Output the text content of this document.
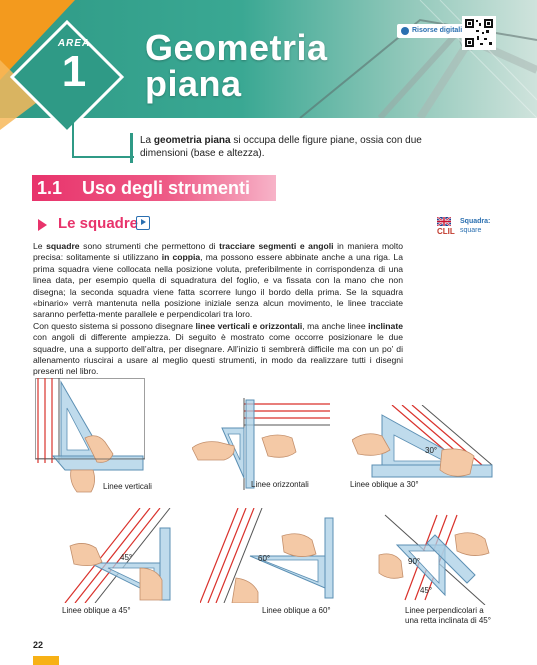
AREA
1 Geometria
piana
Risorse digitali
La geometria piana si occupa delle figure piane, ossia con due dimensioni (base e altezza).
1.1 Uso degli strumenti
Le squadre	CLIL
Squadra:
square

Le squadre sono strumenti che permettono di tracciare segmenti e angoli in maniera molto precisa: solitamente si utilizzano in coppia, ma possono essere abbinate anche a una riga. La prima squadra viene collocata nella posizione voluta, preferibilmente in corrispondenza di una linea data, per esempio quella di squadratura del foglio, e va fissata con la mano che non disegna; la seconda squadra viene fatta scorrere lungo il bordo della prima. Se la squadra «binario» verrà mantenuta nella posizione iniziale senza alcun movimento, le linee tracciate saranno perfetta-mente parallele e perpendicolari tra loro.

Con questo sistema si possono disegnare linee verticali e orizzontali, ma anche linee inclinate con angoli di differente ampiezza. Di seguito è mostrato come occorre posizionare le due squadre, una a supporto dell’altra, per disegnare. All’inizio ti sembrerà difficile ma con un po’ di allenamento riuscirai a usare al meglio questi strumenti, in modo da realizzare tutti i disegni presenti nel libro.

Linee verticali	Linee orizzontali
30°
Linee oblique a 30°
45°
Linee oblique a 45°
60°
Linee oblique a 60°
90°
45°
Linee perpendicolari a
una retta inclinata di 45°
22
